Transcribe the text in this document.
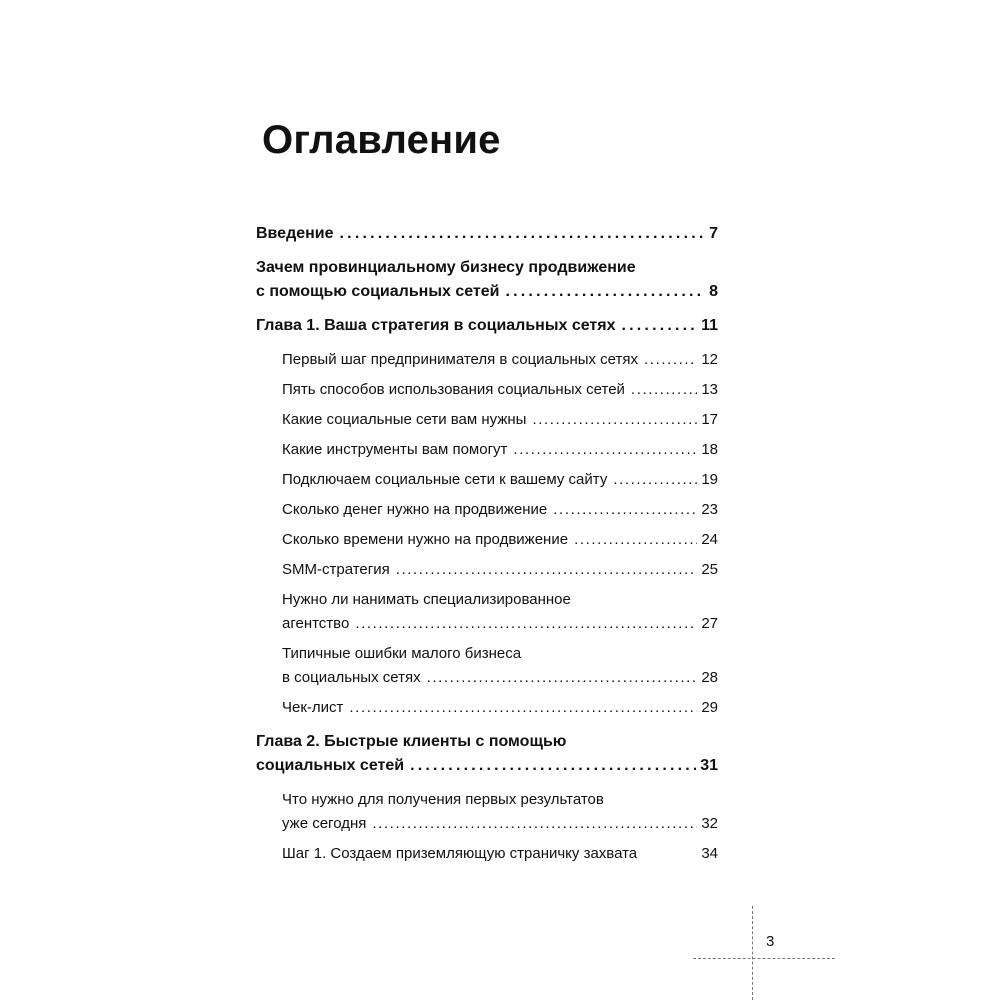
Оглавление
Введение .....	7
Зачем провинциальному бизнесу продвижение
с помощью социальных сетей .....	8
Глава 1. Ваша стратегия в социальных сетях .....	11
Первый шаг предпринимателя в социальных сетях .....	12
Пять способов использования социальных сетей .....	13
Какие социальные сети вам нужны .....	17
Какие инструменты вам помогут .....	18
Подключаем социальные сети к вашему сайту .....	19
Сколько денег нужно на продвижение .....	23
Сколько времени нужно на продвижение .....	24
SMM-стратегия .....	25
Нужно ли нанимать специализированное
агентство .....	27
Типичные ошибки малого бизнеса
в социальных сетях .....	28
Чек-лист .....	29
Глава 2. Быстрые клиенты с помощью
социальных сетей .....	31
Что нужно для получения первых результатов
уже сегодня .....	32
Шаг 1. Создаем приземляющую страничку захвата	34
3
